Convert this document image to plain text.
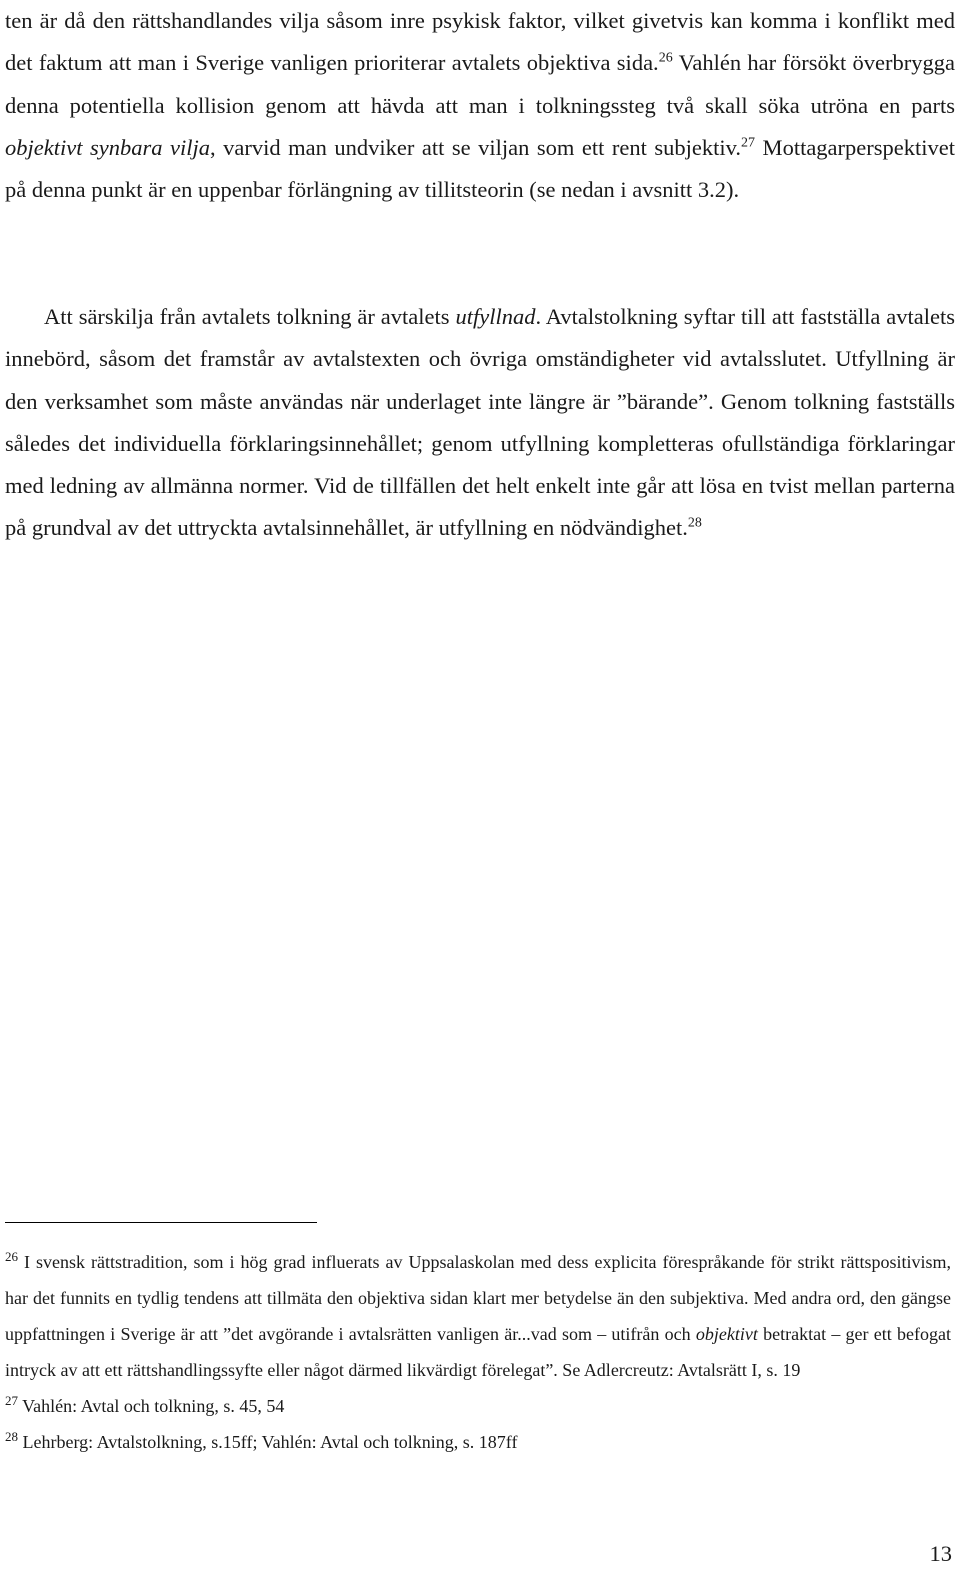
ten är då den rättshandlandes vilja såsom inre psykisk faktor, vilket givetvis kan komma i konflikt med det faktum att man i Sverige vanligen prioriterar avtalets objektiva sida.$^{26}$ Vahlén har försökt överbrygga denna potentiella kollision genom att hävda att man i tolkningssteg två skall söka utröna en parts objektivt synbara vilja, varvid man undviker att se viljan som ett rent subjektiv.$^{27}$ Mottagarperspektivet på denna punkt är en uppenbar förlängning av tillitsteorin (se nedan i avsnitt 3.2).

Att särskilja från avtalets tolkning är avtalets utfyllnad. Avtalstolkning syftar till att fastställa avtalets innebörd, såsom det framstår av avtalstexten och övriga omständigheter vid avtalsslutet. Utfyllning är den verksamhet som måste användas när underlaget inte längre är ”bärande”. Genom tolkning fastställs således det individuella förklaringsinnehållet; genom utfyllning kompletteras ofullständiga förklaringar med ledning av allmänna normer. Vid de tillfällen det helt enkelt inte går att lösa en tvist mellan parterna på grundval av det uttryckta avtalsinnehållet, är utfyllning en nödvändighet.$^{28}$

$^{26}$ I svensk rättstradition, som i hög grad influerats av Uppsalaskolan med dess explicita förespråkande för strikt rättspositivism, har det funnits en tydlig tendens att tillmäta den objektiva sidan klart mer betydelse än den subjektiva. Med andra ord, den gängse uppfattningen i Sverige är att ”det avgörande i avtalsrätten vanligen är...vad som – utifrån och objektivt betraktat – ger ett befogat intryck av att ett rättshandlingssyfte eller något därmed likvärdigt förelegat”. Se Adlercreutz: Avtalsrätt I, s. 19

$^{27}$ Vahlén: Avtal och tolkning, s. 45, 54

$^{28}$ Lehrberg: Avtalstolkning, s.15ff; Vahlén: Avtal och tolkning, s. 187ff

13
